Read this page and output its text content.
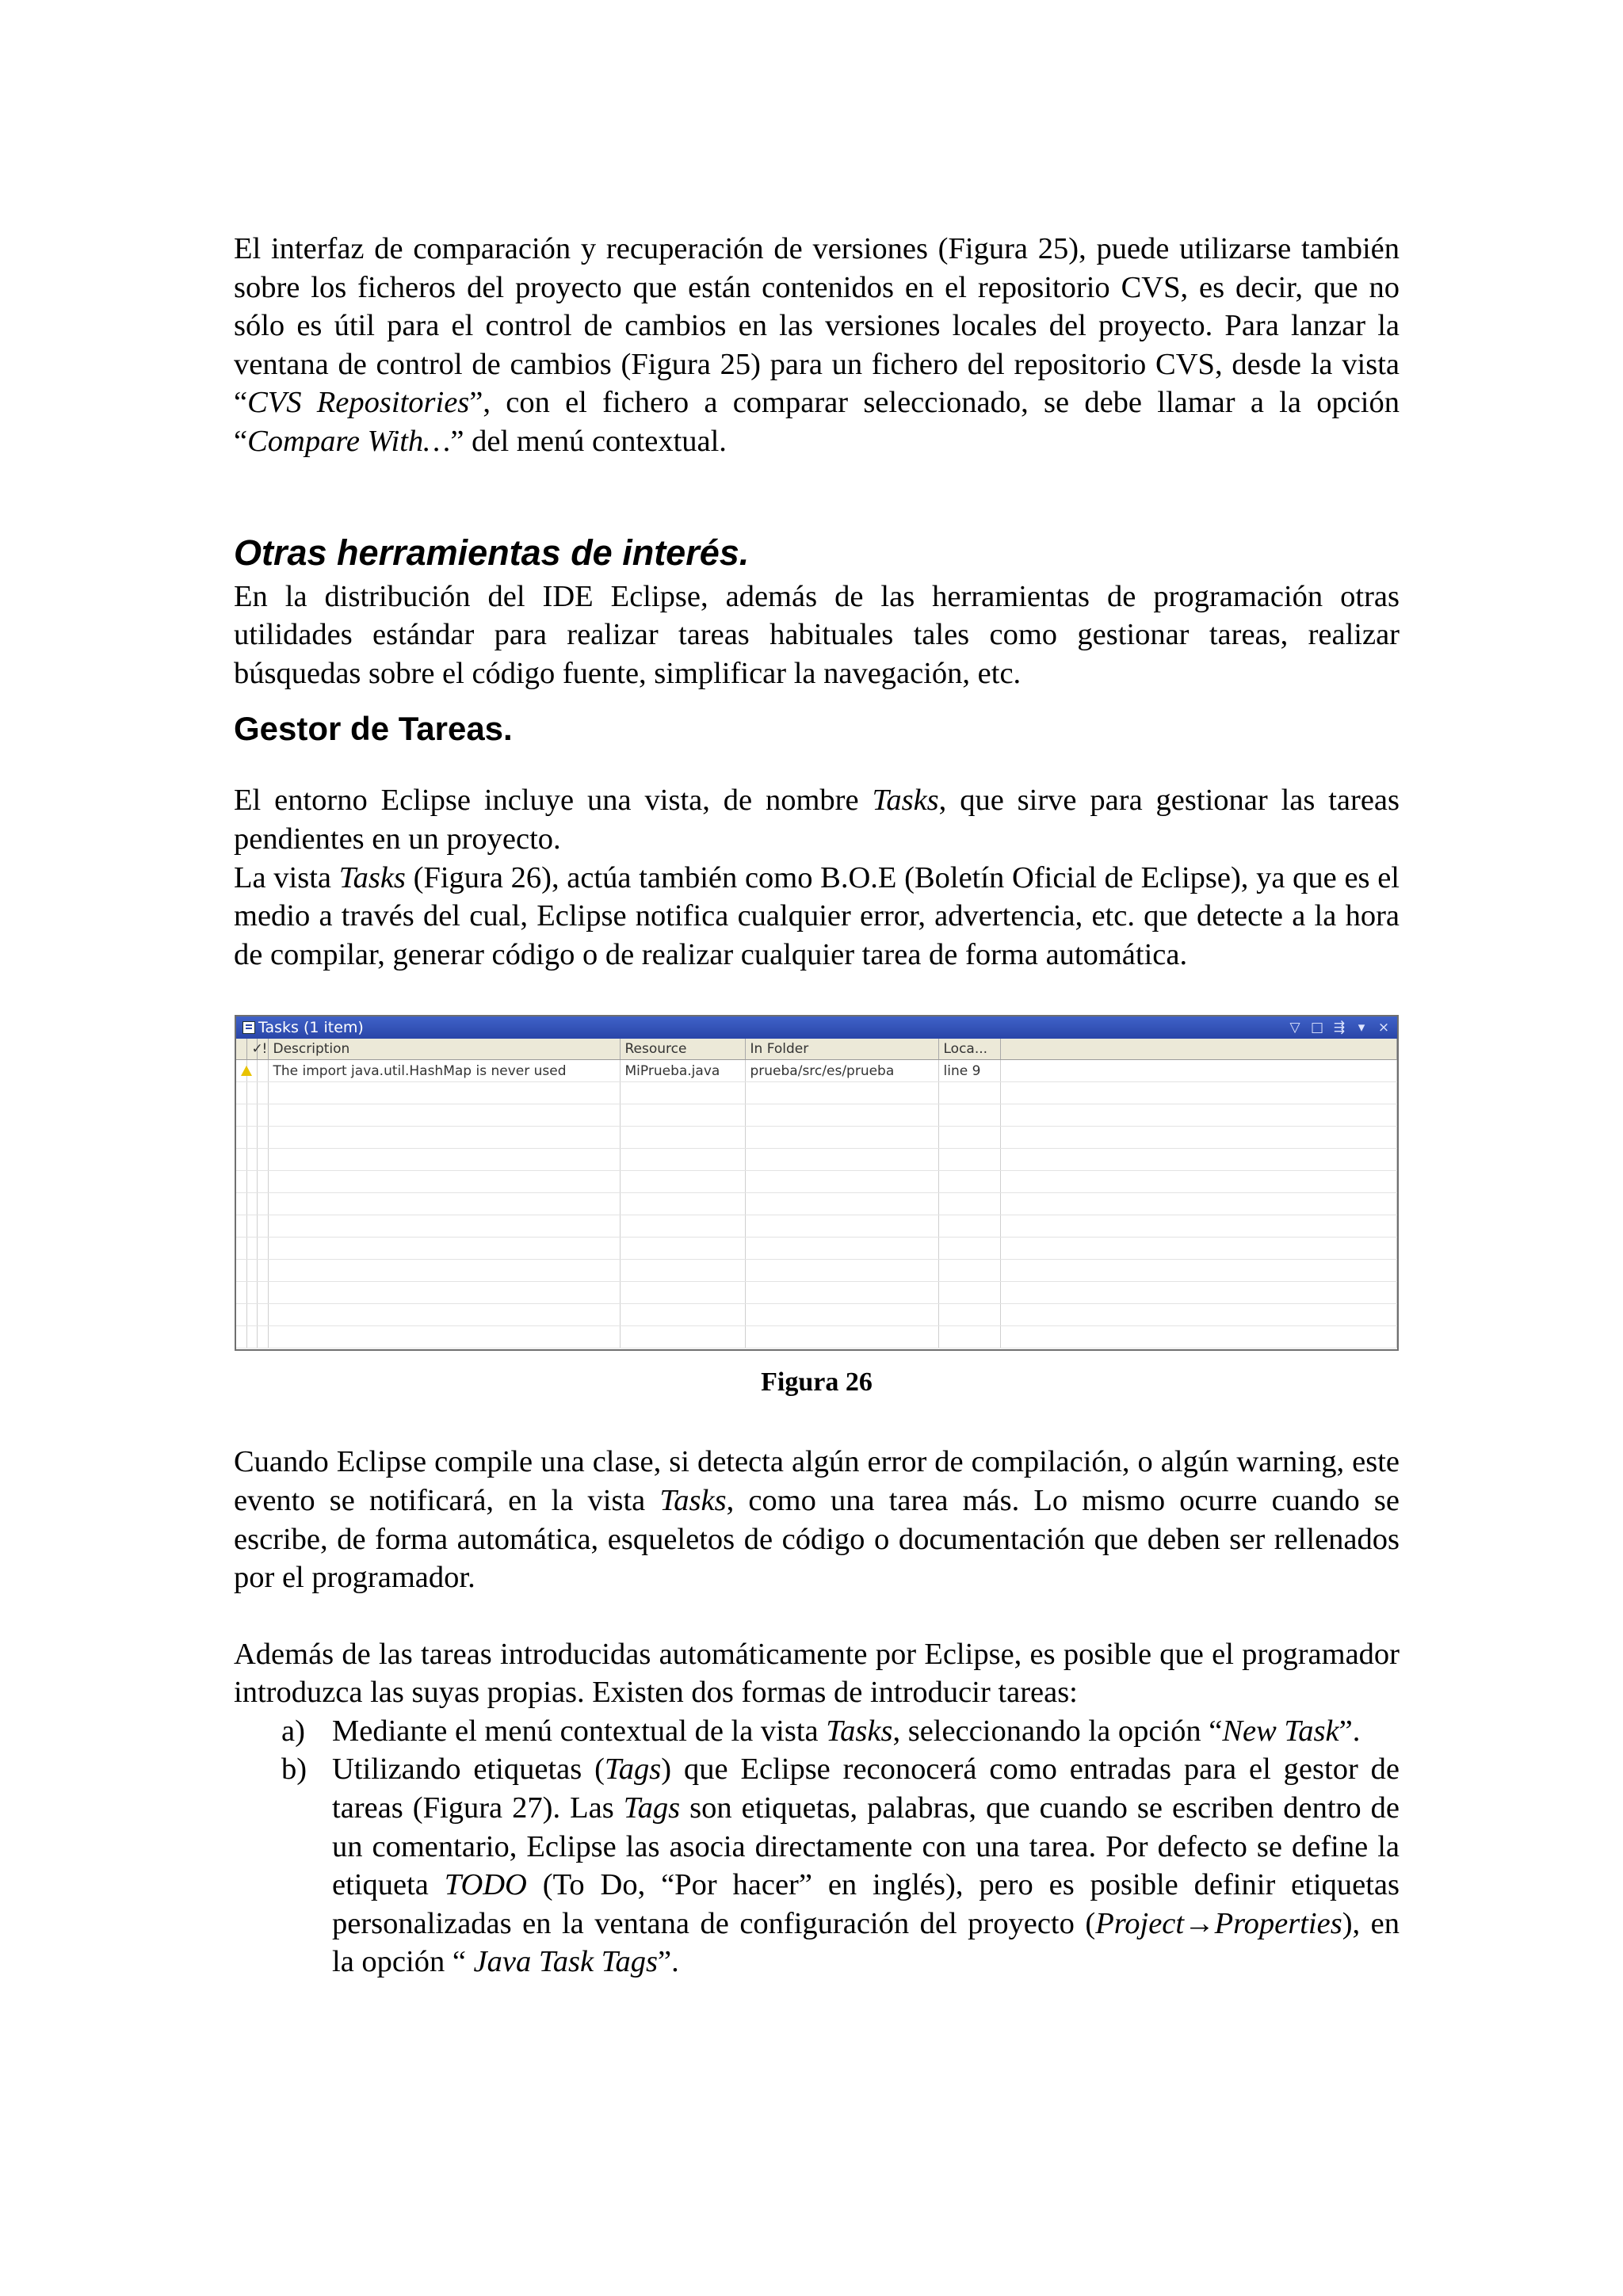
El interfaz de comparación y recuperación de versiones (Figura 25), puede utilizarse también sobre los ficheros del proyecto que están contenidos en el repositorio CVS, es decir, que no sólo es útil para el control de cambios en las versiones locales del proyecto. Para lanzar la ventana de control de cambios (Figura 25) para un fichero del repositorio CVS, desde la vista “CVS Repositories”, con el fichero a comparar seleccionado, se debe llamar a la opción “Compare With…” del menú contextual.

Otras herramientas de interés.

En la distribución del IDE Eclipse, además de las herramientas de programación otras utilidades estándar para realizar tareas habituales tales como gestionar tareas, realizar búsquedas sobre el código fuente, simplificar la navegación, etc.

Gestor de Tareas.

El entorno Eclipse incluye una vista, de nombre Tasks, que sirve para gestionar las tareas pendientes en un proyecto.

La vista Tasks (Figura 26), actúa también como B.O.E (Boletín Oficial de Eclipse), ya que es el medio a través del cual, Eclipse notifica cualquier error, advertencia, etc. que detecte a la hora de compilar, generar código o de realizar cualquier tarea de forma automática.

Tasks (1 item)	▽ □ ⇶ ▾ ×
	✓	!	Description	Resource	In Folder	Loca...	
			The import java.util.HashMap is never used	MiPrueba.java	prueba/src/es/prueba	line 9	

Figura 26

Cuando Eclipse compile una clase, si detecta algún error de compilación, o algún warning, este evento se notificará, en la vista Tasks, como una tarea más. Lo mismo ocurre cuando se escribe, de forma automática, esqueletos de código o documentación que deben ser rellenados por el programador.

Además de las tareas introducidas automáticamente por Eclipse, es posible que el programador introduzca las suyas propias. Existen dos formas de introducir tareas:

a) Mediante el menú contextual de la vista Tasks, seleccionando la opción “New Task”.
b) Utilizando etiquetas (Tags) que Eclipse reconocerá como entradas para el gestor de tareas (Figura 27). Las Tags son etiquetas, palabras, que cuando se escriben dentro de un comentario, Eclipse las asocia directamente con una tarea. Por defecto se define la etiqueta TODO (To Do, “Por hacer” en inglés), pero es posible definir etiquetas personalizadas en la ventana de configuración del proyecto (Project→Properties), en la opción “ Java Task Tags”.
